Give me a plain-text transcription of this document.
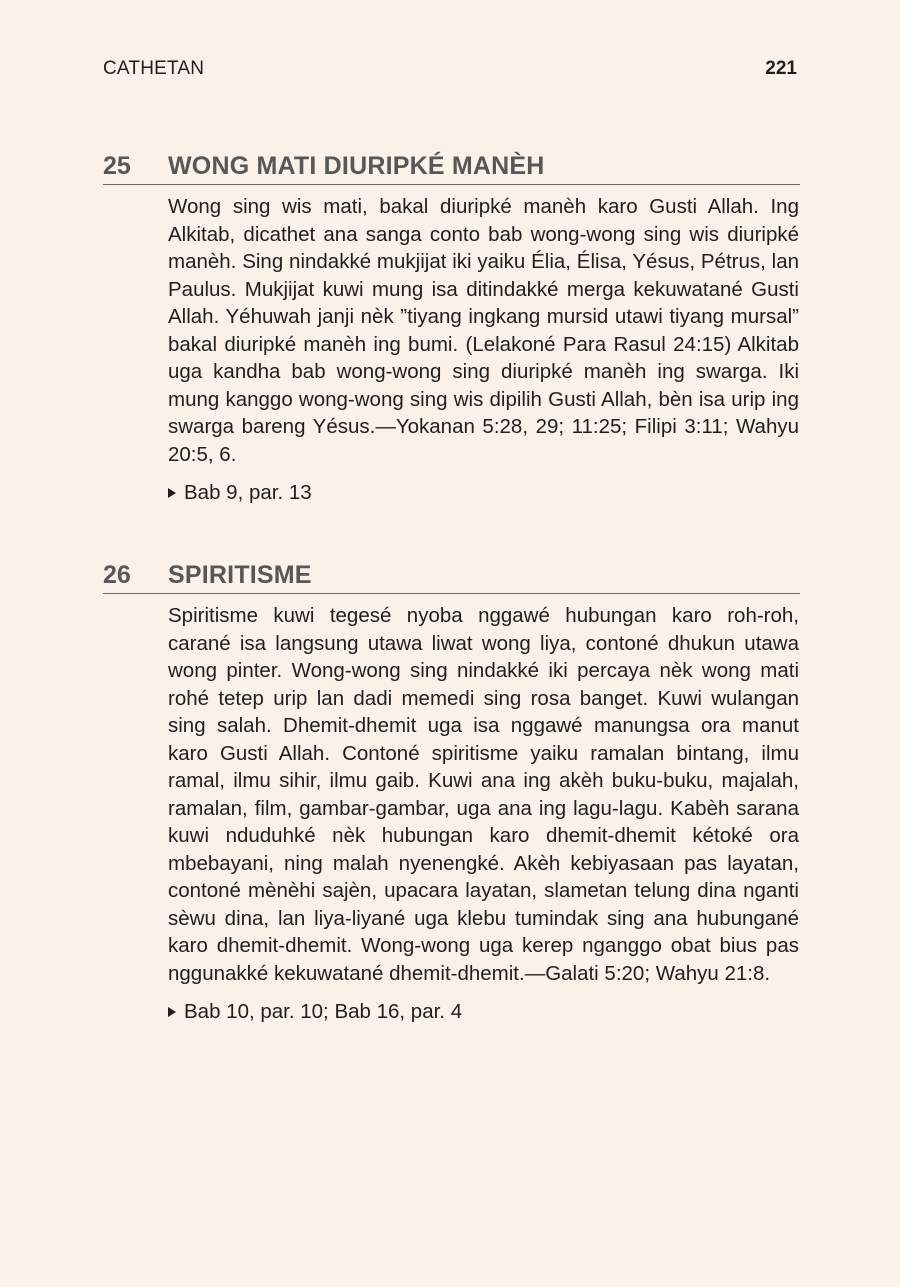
CATHETAN	221
25 WONG MATI DIURIPKÉ MANÈH
Wong sing wis mati, bakal diuripké manèh karo Gusti Allah. Ing Alkitab, dicathet ana sanga conto bab wong-wong sing wis diuripké manèh. Sing nindakké mukjijat iki yaiku Élia, Élisa, Yésus, Pétrus, lan Paulus. Mukjijat kuwi mung isa ditindakké merga kekuwatané Gusti Allah. Yéhuwah janji nèk ”tiyang ingkang mursid utawi tiyang mursal” bakal diuripké manèh ing bumi. (Lelakoné Para Rasul 24:15) Alkitab uga kandha bab wong-wong sing diuripké manèh ing swarga. Iki mung kanggo wong-wong sing wis dipilih Gusti Allah, bèn isa urip ing swarga bareng Yésus.—Yokanan 5:28, 29; 11:25; Filipi 3:11; Wahyu 20:5, 6.
Bab 9, par. 13
26 SPIRITISME
Spiritisme kuwi tegesé nyoba nggawé hubungan karo roh-roh, carané isa langsung utawa liwat wong liya, contoné dhukun utawa wong pinter. Wong-wong sing nindakké iki percaya nèk wong mati rohé tetep urip lan dadi memedi sing rosa banget. Kuwi wulangan sing salah. Dhemit-dhemit uga isa nggawé manungsa ora manut karo Gusti Allah. Contoné spiritisme yaiku ramalan bintang, ilmu ramal, ilmu sihir, ilmu gaib. Kuwi ana ing akèh buku-buku, majalah, ramalan, film, gambar-gambar, uga ana ing lagu-lagu. Kabèh sarana kuwi nduduhké nèk hubungan karo dhemit-dhemit kétoké ora mbebayani, ning malah nyenengké. Akèh kebiyasaan pas layatan, contoné mènèhi sajèn, upacara layatan, slametan telung dina nganti sèwu dina, lan liya-liyané uga klebu tumindak sing ana hubungané karo dhemit-dhemit. Wong-wong uga kerep nganggo obat bius pas nggunakké kekuwatané dhemit-dhemit.—Galati 5:20; Wahyu 21:8.
Bab 10, par. 10; Bab 16, par. 4
